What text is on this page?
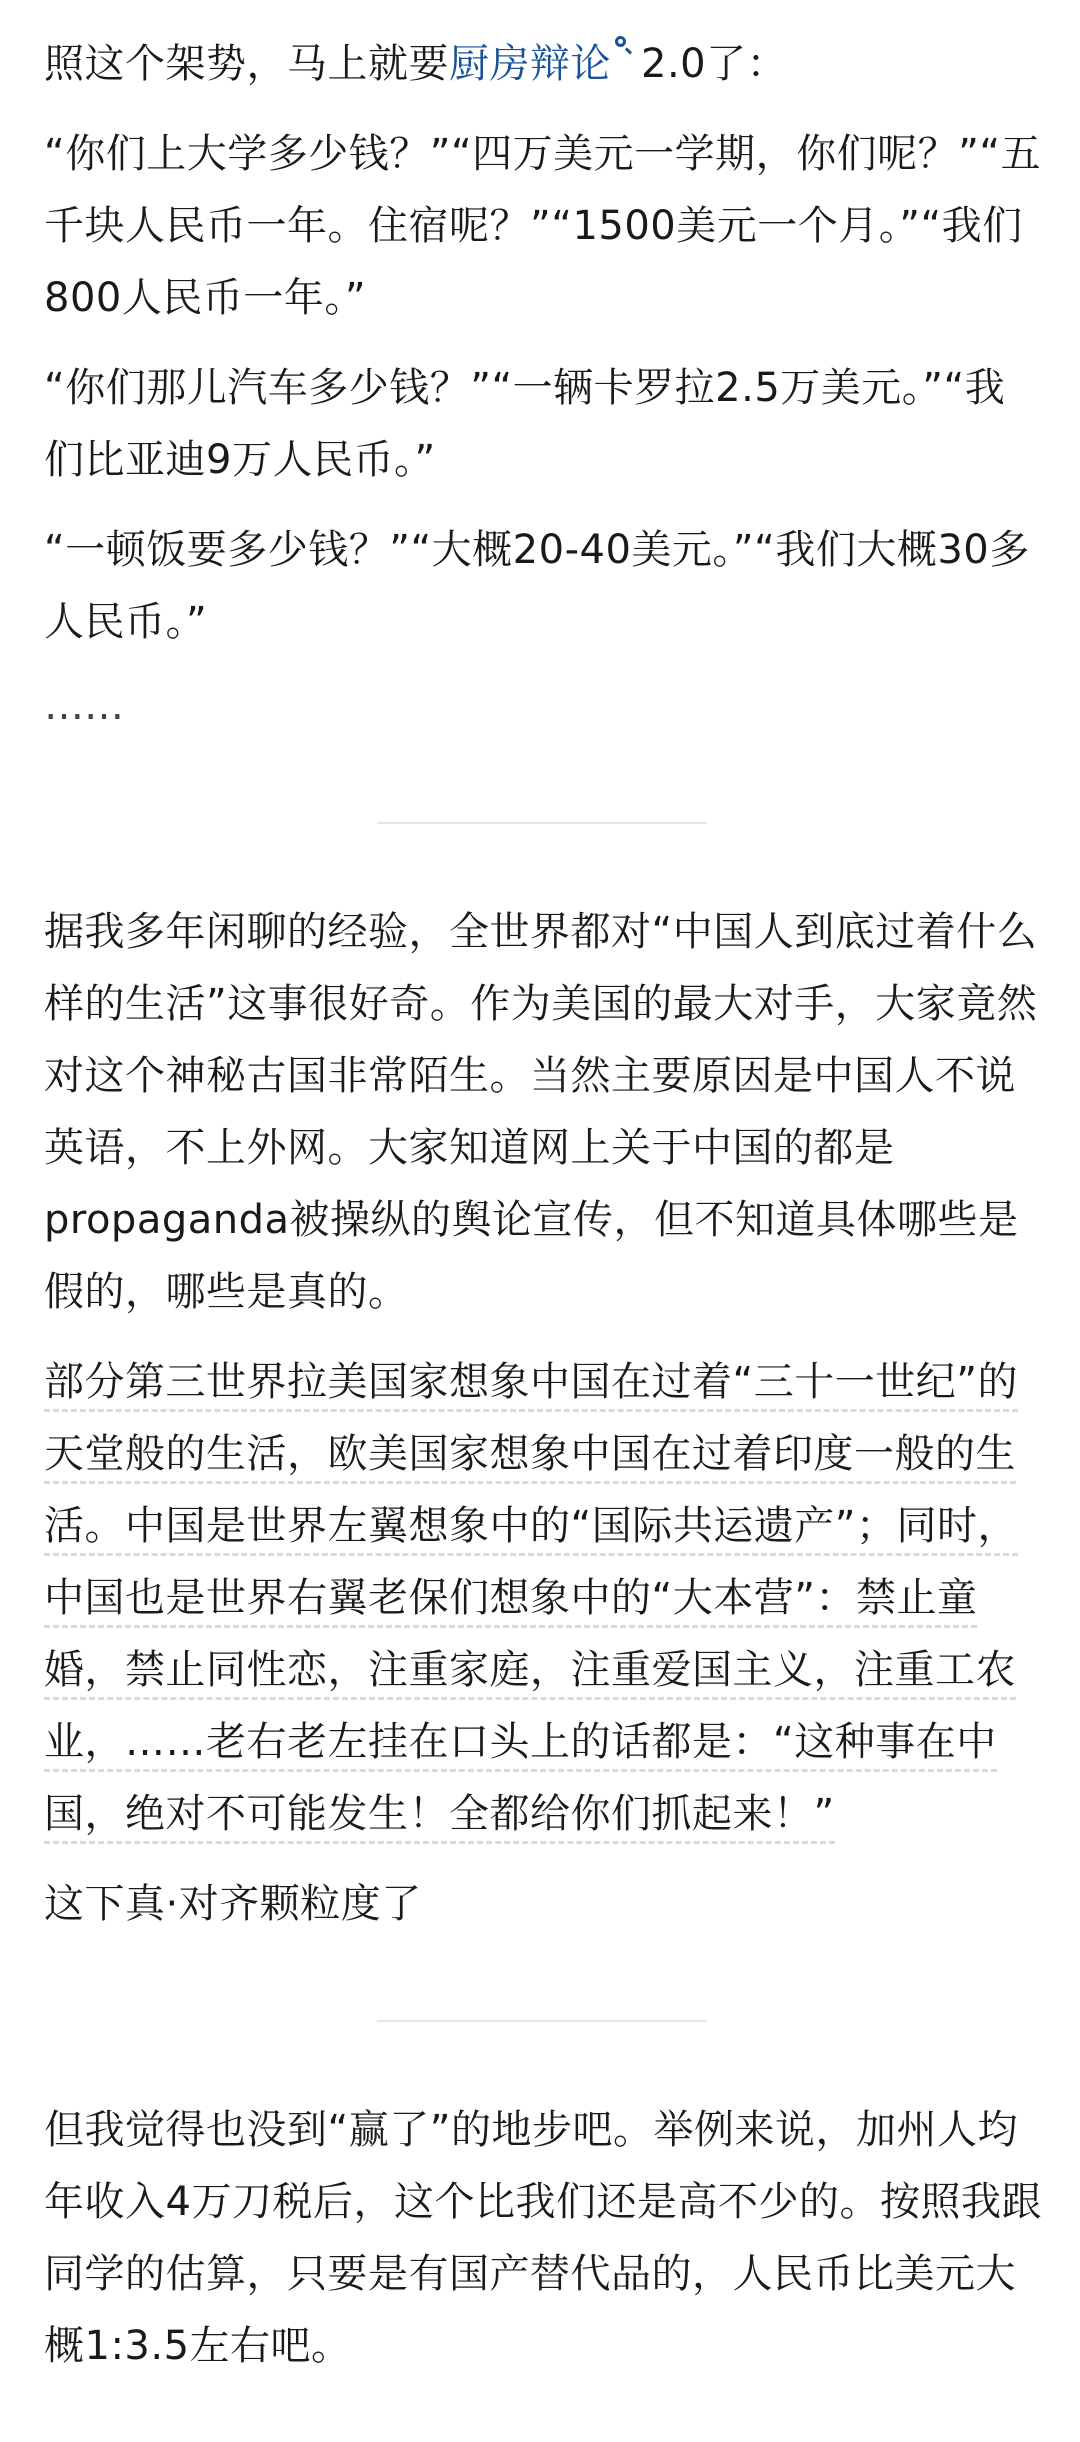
照这个架势，马上就要厨房辩论 2.0了：

“你们上大学多少钱？”“四万美元一学期，你们呢？”“五千块人民币一年。住宿呢？”“1500美元一个月。”“我们800人民币一年。”

“你们那儿汽车多少钱？”“一辆卡罗拉2.5万美元。”“我们比亚迪9万人民币。”

“一顿饭要多少钱？”“大概20-40美元。”“我们大概30多人民币。”

……

据我多年闲聊的经验，全世界都对“中国人到底过着什么样的生活”这事很好奇。作为美国的最大对手，大家竟然对这个神秘古国非常陌生。当然主要原因是中国人不说英语，不上外网。大家知道网上关于中国的都是propaganda被操纵的舆论宣传，但不知道具体哪些是假的，哪些是真的。

部分第三世界拉美国家想象中国在过着“三十一世纪”的天堂般的生活，欧美国家想象中国在过着印度一般的生活。中国是世界左翼想象中的“国际共运遗产”；同时，中国也是世界右翼老保们想象中的“大本营”：禁止童婚，禁止同性恋，注重家庭，注重爱国主义，注重工农业，……老右老左挂在口头上的话都是：“这种事在中国，绝对不可能发生！全都给你们抓起来！”

这下真·对齐颗粒度了

但我觉得也没到“赢了”的地步吧。举例来说，加州人均年收入4万刀税后，这个比我们还是高不少的。按照我跟同学的估算，只要是有国产替代品的，人民币比美元大概1:3.5左右吧。
